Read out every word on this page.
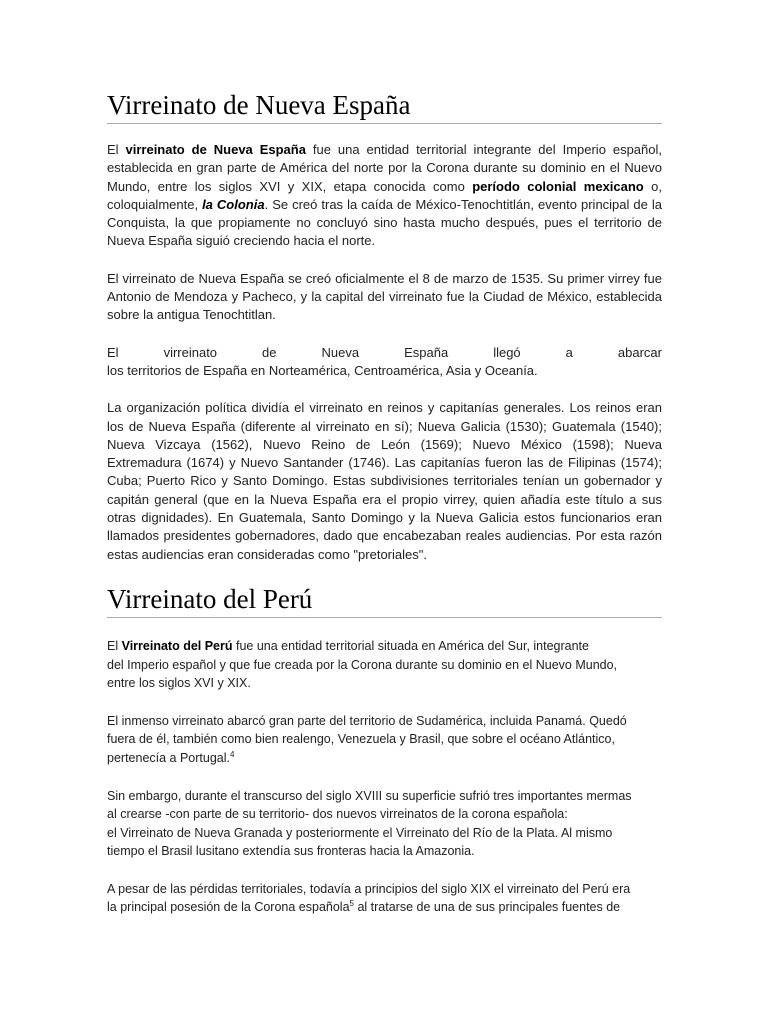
Virreinato de Nueva España

El virreinato de Nueva España fue una entidad territorial integrante del Imperio español, establecida en gran parte de América del norte por la Corona durante su dominio en el Nuevo Mundo, entre los siglos XVI y XIX, etapa conocida como período colonial mexicano o, coloquialmente, la Colonia. Se creó tras la caída de México-Tenochtitlán, evento principal de la Conquista, la que propiamente no concluyó sino hasta mucho después, pues el territorio de Nueva España siguió creciendo hacia el norte.

El virreinato de Nueva España se creó oficialmente el 8 de marzo de 1535. Su primer virrey fue Antonio de Mendoza y Pacheco, y la capital del virreinato fue la Ciudad de México, establecida sobre la antigua Tenochtitlan.

El virreinato de Nueva España llegó a abarcar

los territorios de España en Norteamérica, Centroamérica, Asia y Oceanía.

La organización política dividía el virreinato en reinos y capitanías generales. Los reinos eran los de Nueva España (diferente al virreinato en sí); Nueva Galicia (1530); Guatemala (1540); Nueva Vizcaya (1562), Nuevo Reino de León (1569); Nuevo México (1598); Nueva Extremadura (1674) y Nuevo Santander (1746). Las capitanías fueron las de Filipinas (1574); Cuba; Puerto Rico y Santo Domingo. Estas subdivisiones territoriales tenían un gobernador y capitán general (que en la Nueva España era el propio virrey, quien añadía este título a sus otras dignidades). En Guatemala, Santo Domingo y la Nueva Galicia estos funcionarios eran llamados presidentes gobernadores, dado que encabezaban reales audiencias. Por esta razón estas audiencias eran consideradas como "pretoriales".

Virreinato del Perú

El Virreinato del Perú fue una entidad territorial situada en América del Sur, integrante
del Imperio español y que fue creada por la Corona durante su dominio en el Nuevo Mundo,
entre los siglos XVI y XIX.

El inmenso virreinato abarcó gran parte del territorio de Sudamérica, incluida Panamá. Quedó
fuera de él, también como bien realengo, Venezuela y Brasil, que sobre el océano Atlántico,
pertenecía a Portugal.$^4$

Sin embargo, durante el transcurso del siglo XVIII su superficie sufrió tres importantes mermas
al crearse -con parte de su territorio- dos nuevos virreinatos de la corona española:
el Virreinato de Nueva Granada y posteriormente el Virreinato del Río de la Plata. Al mismo
tiempo el Brasil lusitano extendía sus fronteras hacia la Amazonia.

A pesar de las pérdidas territoriales, todavía a principios del siglo XIX el virreinato del Perú era
la principal posesión de la Corona española$^5$ al tratarse de una de sus principales fuentes de
